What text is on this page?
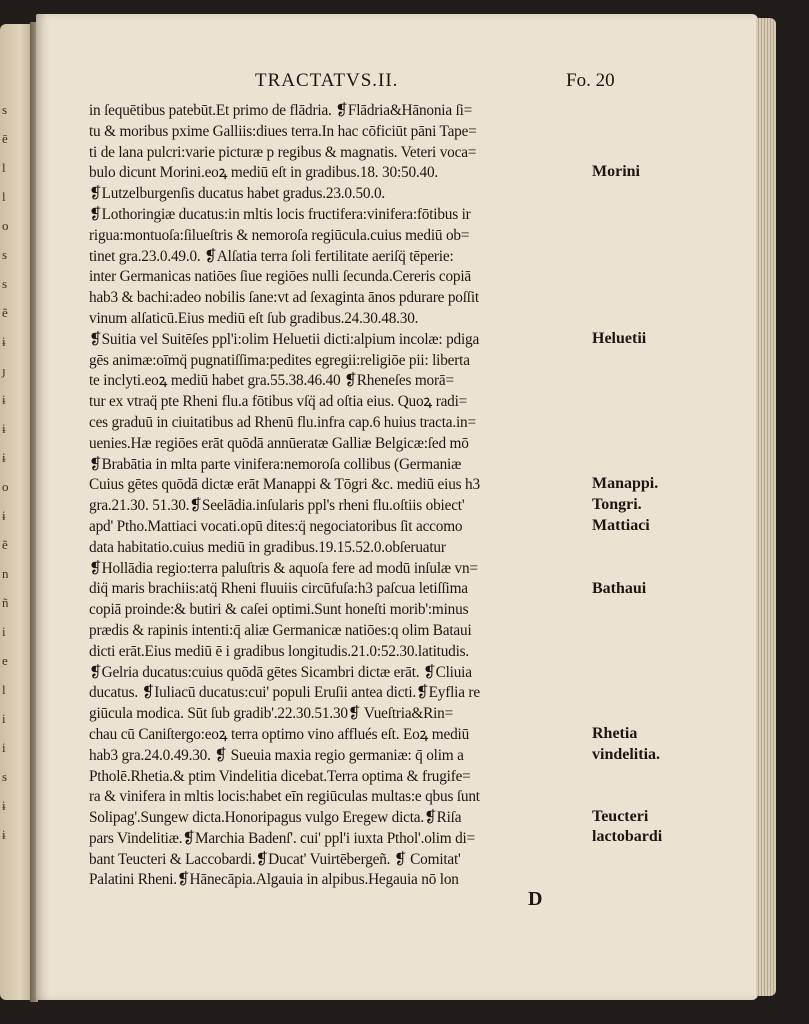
s
ē
l
l
o
s
s
ẽ
ɨ
ȷ
ɨ
ɨ
ɨ
o
ɨ
ẽ
n
ñ
i
e
l
i
i
s
ɨ
ɨ
TRACTATVS.II.	Fo. 20
in ſequētibus patebūt.Et primo de flādria. ❡Flādria&Hānonia ſi=
tu & moribus pxime Galliis:diues terra.In hac cōficiūt pāni Tape=
ti de lana pulcri:varie picturæ p regibus & magnatis. Veteri voca=
bulo dicunt Morini.eoꝝ mediū eſt in gradibus.18. 30:50.40.
❡Lutzelburgenſis ducatus habet gradus.23.0.50.0.
❡Lothoringiæ ducatus:in mltis locis fructifera:vinifera:fōtibus ir
rigua:montuoſa:ſilueſtris & nemoroſa regiūcula.cuius mediū ob=
tinet gra.23.0.49.0. ❡Alſatia terra ſoli fertilitate aeriſq̈ tēperie:
inter Germanicas natiōes ſiue regiōes nulli ſecunda.Cereris copiā
hab3 & bachi:adeo nobilis ſane:vt ad ſexaginta ānos pdurare poſſit
vinum alſaticū.Eius mediū eſt ſub gradibus.24.30.48.30.
❡Suitia vel Suitēſes ppl'i:olim Heluetii dicti:alpium incolæ: pdiga
gēs animæ:oīmq̈ pugnatiſſima:pedites egregii:religiōe pii: liberta
te inclyti.eoꝝ mediū habet gra.55.38.46.40 ❡Rheneſes morā=
tur ex vtraq̈ pte Rheni flu.a fōtibus vſq̈ ad oſtia eius. Quoꝝ radi=
ces graduū in ciuitatibus ad Rhenū flu.infra cap.6 huius tracta.in=
uenies.Hæ regiōes erāt quōdā annūeratæ Galliæ Belgicæ:ſed mō
❡Brabātia in mlta parte vinifera:nemoroſa collibus (Germaniæ
Cuius gētes quōdā dictæ erāt Manappi & Tōgri &c. mediū eius h3
gra.21.30. 51.30.❡Seelādia.inſularis ppl's rheni flu.oſtiis obiect'
apd' Ptho.Mattiaci vocati.opū dites:q̈ negociatoribus ſit accomo
data habitatio.cuius mediū in gradibus.19.15.52.0.obſeruatur
❡Hollādia regio:terra paluſtris & aquoſa fere ad modū inſulæ vn=
diq̈ maris brachiis:atq̈ Rheni fluuiis circūfuſa:h3 paſcua letiſſima
copiā proinde:& butiri & caſei optimi.Sunt honeſti morib':minus
prædis & rapinis intenti:q̄ aliæ Germanicæ natiōes:q olim Bataui
dicti erāt.Eius mediū ē i gradibus longitudis.21.0:52.30.latitudis.
❡Gelria ducatus:cuius quōdā gētes Sicambri dictæ erāt. ❡Cliuia
ducatus. ❡Iuliacū ducatus:cui' populi Eruſii antea dicti.❡Eyflia re
giūcula modica. Sūt ſub gradib'.22.30.51.30❡ Vueſtria&Rin=
chau cū Caniſtergo:eoꝝ terra optimo vino afflués eſt. Eoꝝ mediū
hab3 gra.24.0.49.30. ❡ Sueuia maxia regio germaniæ: q̄ olim a
Ptholē.Rhetia.& ptim Vindelitia dicebat.Terra optima & frugife=
ra & vinifera in mltis locis:habet eīn regiūculas multas:e qbus ſunt
Solipag'.Sungew dicta.Honoripagus vulgo Eregew dicta.❡Riſa
pars Vindelitiæ.❡Marchia Badenſ'. cui' ppl'i iuxta Pthol'.olim di=
bant Teucteri & Laccobardi.❡Ducat' Vuirtēbergeñ. ❡ Comitat'
Palatini Rheni.❡Hānecāpia.Algauia in alpibus.Hegauia nō lon
Morini
Heluetii
Manappi.
Tongri.
Mattiaci
Bathaui
Rhetia
vindelitia.
Teucteri
lactobardi
D
